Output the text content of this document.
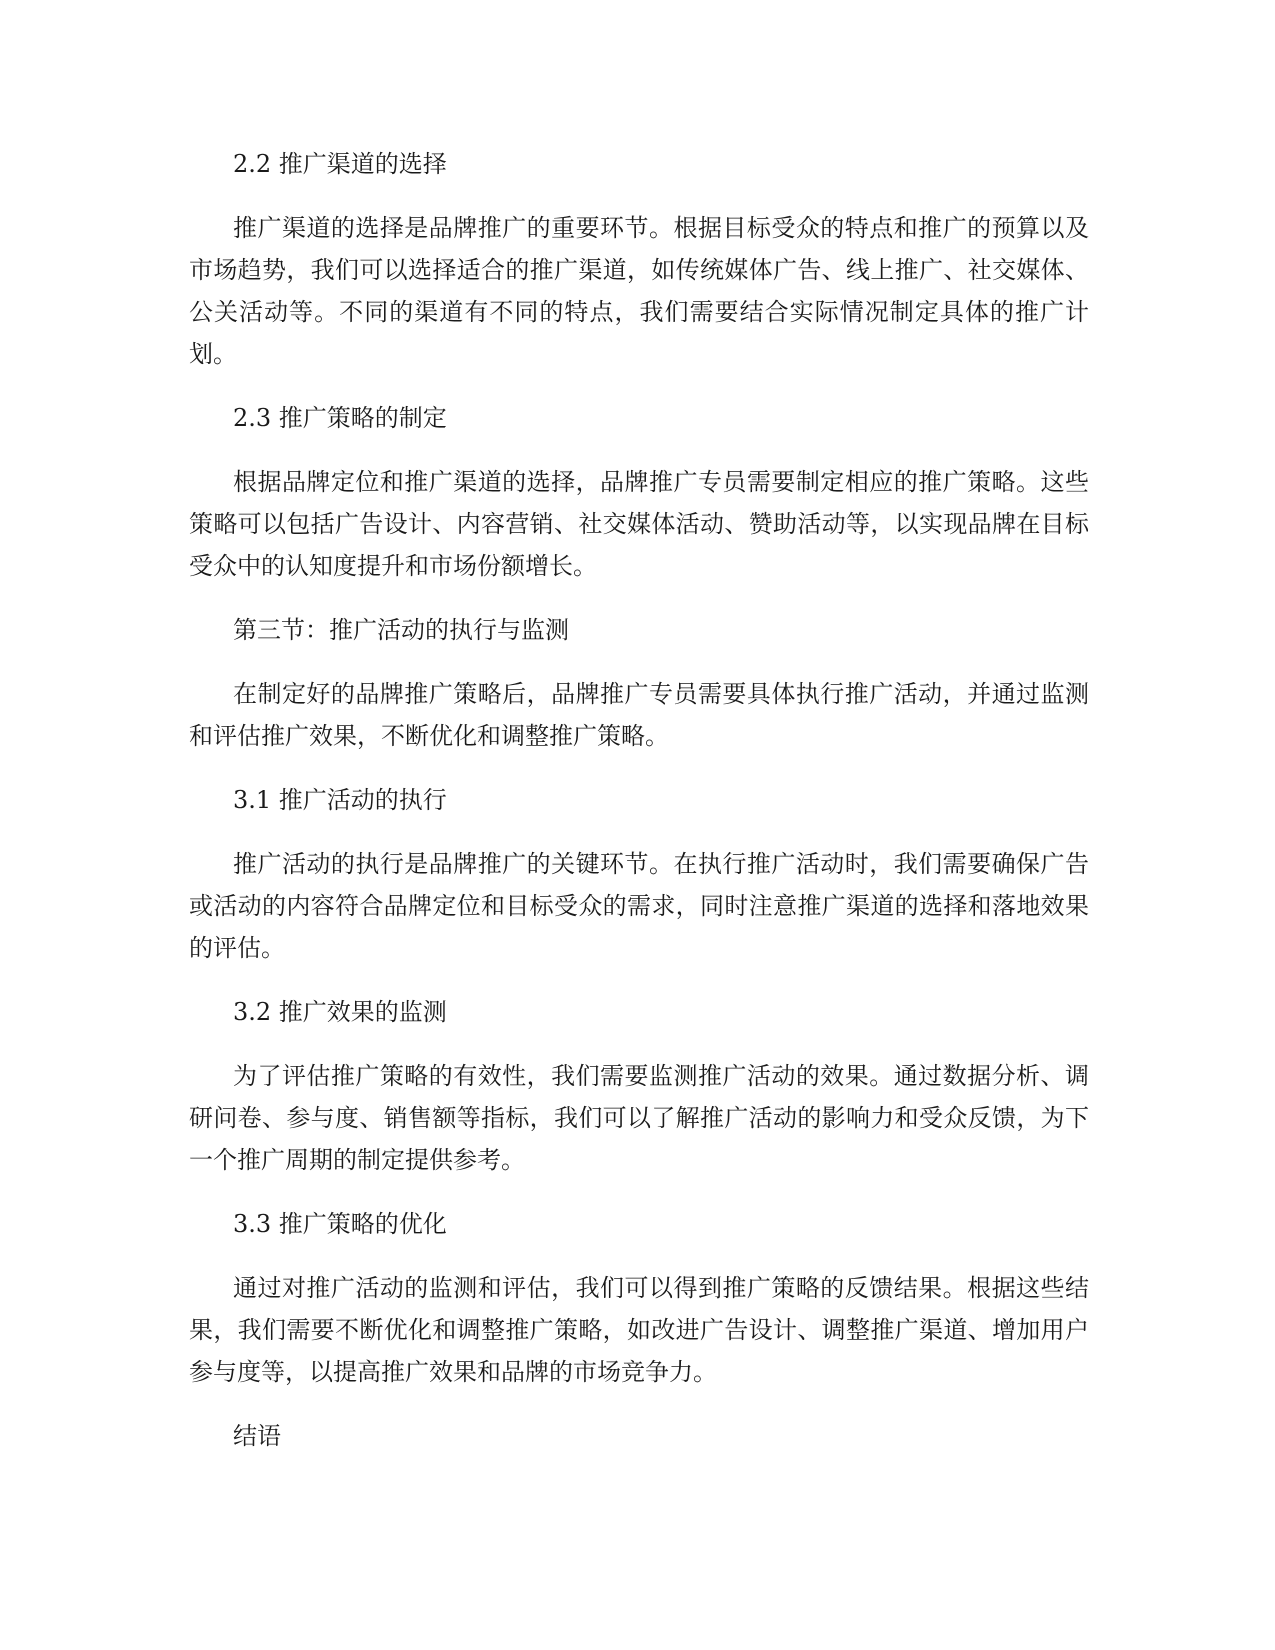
2.2 推广渠道的选择

推广渠道的选择是品牌推广的重要环节。根据目标受众的特点和推广的预算以及市场趋势，我们可以选择适合的推广渠道，如传统媒体广告、线上推广、社交媒体、公关活动等。不同的渠道有不同的特点，我们需要结合实际情况制定具体的推广计划。

2.3 推广策略的制定

根据品牌定位和推广渠道的选择，品牌推广专员需要制定相应的推广策略。这些策略可以包括广告设计、内容营销、社交媒体活动、赞助活动等，以实现品牌在目标受众中的认知度提升和市场份额增长。

第三节：推广活动的执行与监测

在制定好的品牌推广策略后，品牌推广专员需要具体执行推广活动，并通过监测和评估推广效果，不断优化和调整推广策略。

3.1 推广活动的执行

推广活动的执行是品牌推广的关键环节。在执行推广活动时，我们需要确保广告或活动的内容符合品牌定位和目标受众的需求，同时注意推广渠道的选择和落地效果的评估。

3.2 推广效果的监测

为了评估推广策略的有效性，我们需要监测推广活动的效果。通过数据分析、调研问卷、参与度、销售额等指标，我们可以了解推广活动的影响力和受众反馈，为下一个推广周期的制定提供参考。

3.3 推广策略的优化

通过对推广活动的监测和评估，我们可以得到推广策略的反馈结果。根据这些结果，我们需要不断优化和调整推广策略，如改进广告设计、调整推广渠道、增加用户参与度等，以提高推广效果和品牌的市场竞争力。

结语
